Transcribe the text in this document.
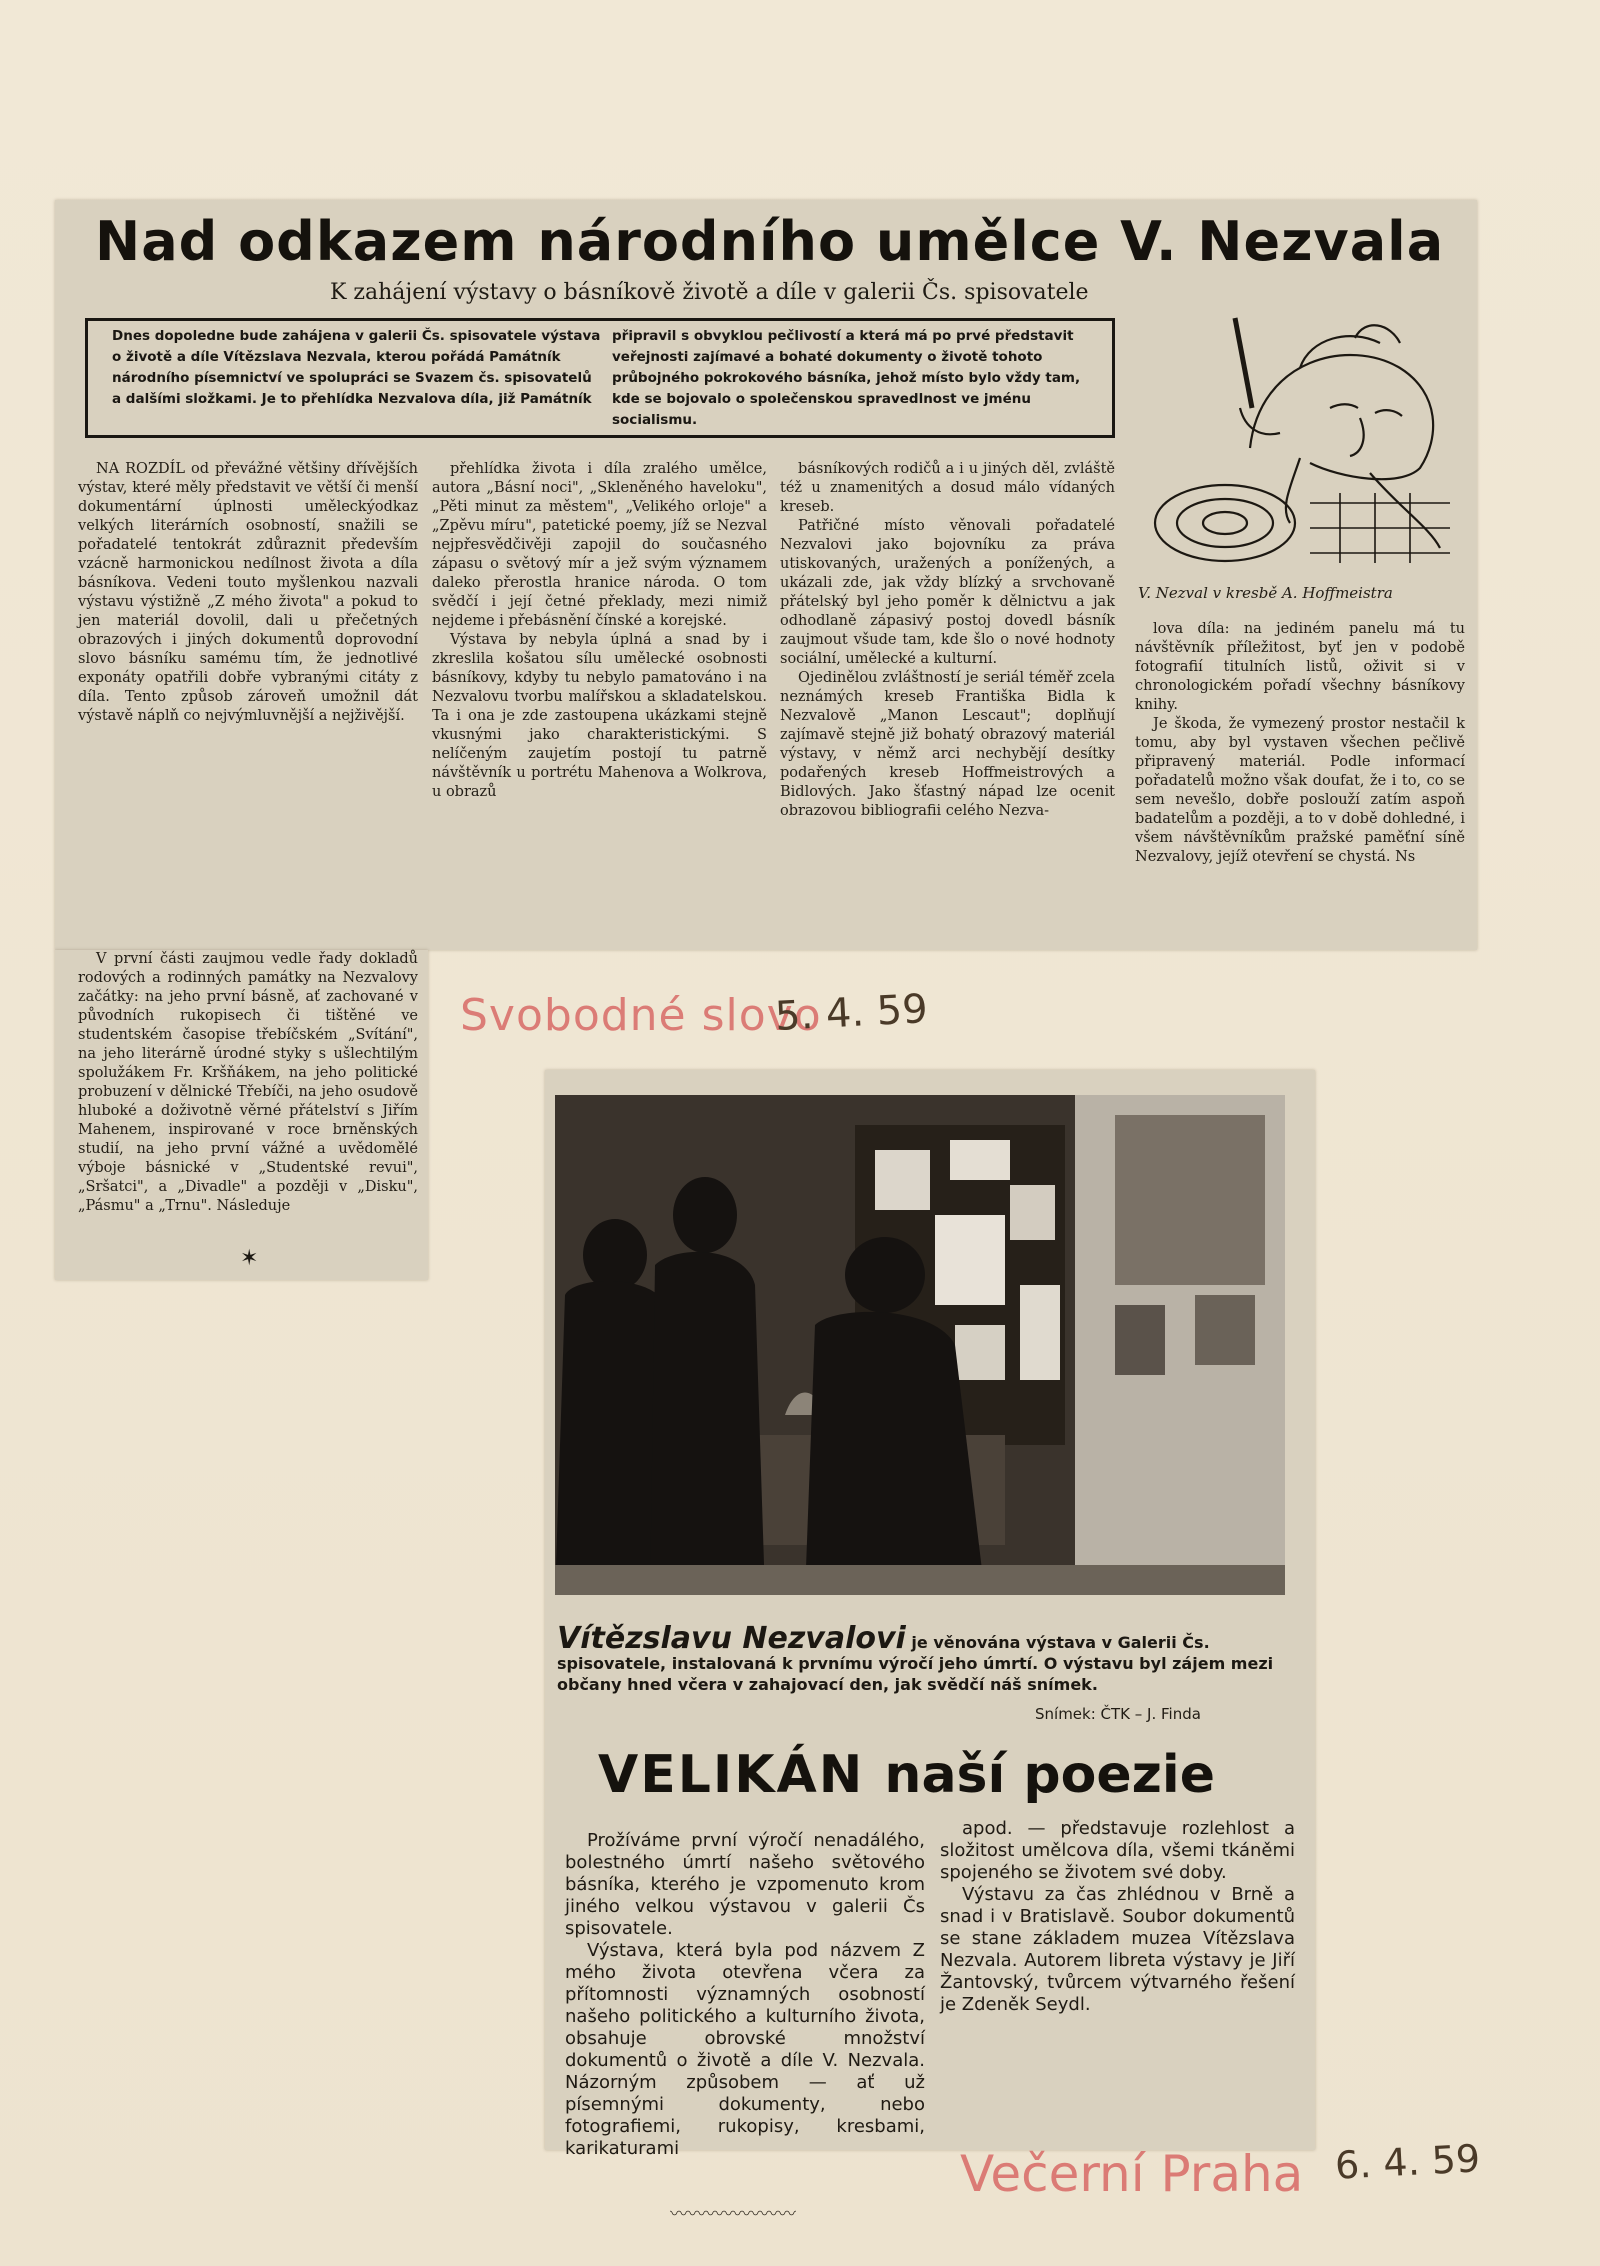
Nad odkazem národního umělce V. Nezvala
K zahájení výstavy o básníkově životě a díle v galerii Čs. spisovatele
Dnes dopoledne bude zahájena v galerii Čs. spisovatele výstava o životě a díle Vítězslava Nezvala, kterou pořádá Památník národního písemnictví ve spolupráci se Svazem čs. spisovatelů a dalšími složkami. Je to přehlídka Nezvalova díla, již Památník
připravil s obvyklou pečlivostí a která má po prvé představit veřejnosti zajímavé a bohaté dokumenty o životě tohoto průbojného pokrokového básníka, jehož místo bylo vždy tam, kde se bojovalo o společenskou spravedlnost ve jménu socialismu.

NA ROZDÍL od převážné většiny dřívějších výstav, které měly představit ve větší či menší dokumentární úplnosti uměleckýodkaz velkých literárních osobností, snažili se pořadatelé tentokrát zdůraznit především vzácně harmonickou nedílnost života a díla básníkova. Vedeni touto myšlenkou nazvali výstavu výstižně „Z mého života" a pokud to jen materiál dovolil, dali u přečetných obrazových i jiných dokumentů doprovodní slovo básníku samému tím, že jednotlivé exponáty opatřili dobře vybranými citáty z díla. Tento způsob zároveň umožnil dát výstavě náplň co nejvýmluvnější a nejživější.

V první části zaujmou vedle řady dokladů rodových a rodinných památky na Nezvalovy začátky: na jeho první básně, ať zachované v původních rukopisech či tištěné ve studentském časopise třebíčském „Svítání", na jeho literárně úrodné styky s ušlechtilým spolužákem Fr. Kršňákem, na jeho politické probuzení v dělnické Třebíči, na jeho osudově hluboké a doživotně věrné přátelství s Jiřím Mahenem, inspirované v roce brněnských studií, na jeho první vážné a uvědomělé výboje básnické v „Studentské revui", „Sršatci", a „Divadle" a později v „Disku", „Pásmu" a „Trnu". Následuje

✶

přehlídka života i díla zralého umělce, autora „Básní noci", „Skleněného haveloku", „Pěti minut za městem", „Velikého orloje" a „Zpěvu míru", patetické poemy, jíž se Nezval nejpřesvědčivěji zapojil do současného zápasu o světový mír a jež svým významem daleko přerostla hranice národa. O tom svědčí i její četné překlady, mezi nimiž nejdeme i přebásnění čínské a korejské.

Výstava by nebyla úplná a snad by i zkreslila košatou sílu umělecké osobnosti básníkovy, kdyby tu nebylo pamatováno i na Nezvalovu tvorbu malířskou a skladatelskou. Ta i ona je zde zastoupena ukázkami stejně vkusnými jako charakteristickými. S nelíčeným zaujetím postojí tu patrně návštěvník u portrétu Mahenova a Wolkrova, u obrazů

básníkových rodičů a i u jiných děl, zvláště též u znamenitých a dosud málo vídaných kreseb.

Patřičné místo věnovali pořadatelé Nezvalovi jako bojovníku za práva utiskovaných, uražených a ponížených, a ukázali zde, jak vždy blízký a srvchovaně přátelský byl jeho poměr k dělnictvu a jak odhodlaně zápasivý postoj dovedl básník zaujmout všude tam, kde šlo o nové hodnoty sociální, umělecké a kulturní.

Ojedinělou zvláštností je seriál téměř zcela neznámých kreseb Františka Bidla k Nezvalově „Manon Lescaut"; doplňují zajímavě stejně již bohatý obrazový materiál výstavy, v němž arci nechybějí desítky podařených kreseb Hoffmeistrových a Bidlových. Jako šťastný nápad lze ocenit obrazovou bibliografii celého Nezva-

V. Nezval v kresbě A. Hoffmeistra

lova díla: na jediném panelu má tu návštěvník příležitost, byť jen v podobě fotografií titulních listů, oživit si v chronologickém pořadí všechny básníkovy knihy.

Je škoda, že vymezený prostor nestačil k tomu, aby byl vystaven všechen pečlivě připravený materiál. Podle informací pořadatelů možno však doufat, že i to, co se sem nevešlo, dobře poslouží zatím aspoň badatelům a později, a to v době dohledné, i všem návštěvníkům pražské paměťní síně Nezvalovy, jejíž otevření se chystá. Ns

Svobodné slovo
5. 4. 59
Vítězslavu Nezvalovi je věnována výstava v Galerii Čs. spisovatele, instalovaná k prvnímu výročí jeho úmrtí. O výstavu byl zájem mezi občany hned včera v zahajovací den, jak svědčí náš snímek.
Snímek: ČTK – J. Finda
VELIKÁN naší poezie

Prožíváme první výročí nenadálého, bolestného úmrtí našeho světového básníka, kterého je vzpomenuto krom jiného velkou výstavou v galerii Čs spisovatele.

Výstava, která byla pod názvem Z mého života otevřena včera za přítomnosti významných osobností našeho politického a kulturního života, obsahuje obrovské množství dokumentů o životě a díle V. Nezvala. Názorným způsobem — ať už písemnými dokumenty, nebo fotografiemi, rukopisy, kresbami, karikaturami

apod. — představuje rozlehlost a složitost umělcova díla, všemi tkáněmi spojeného se životem své doby.

Výstavu za čas zhlédnou v Brně a snad i v Bratislavě. Soubor dokumentů se stane základem muzea Vítězslava Nezvala. Autorem libreta výstavy je Jiří Žantovský, tvůrcem výtvarného řešení je Zdeněk Seydl.

〰〰〰〰〰〰〰
Večerní Praha 6. 4. 59
